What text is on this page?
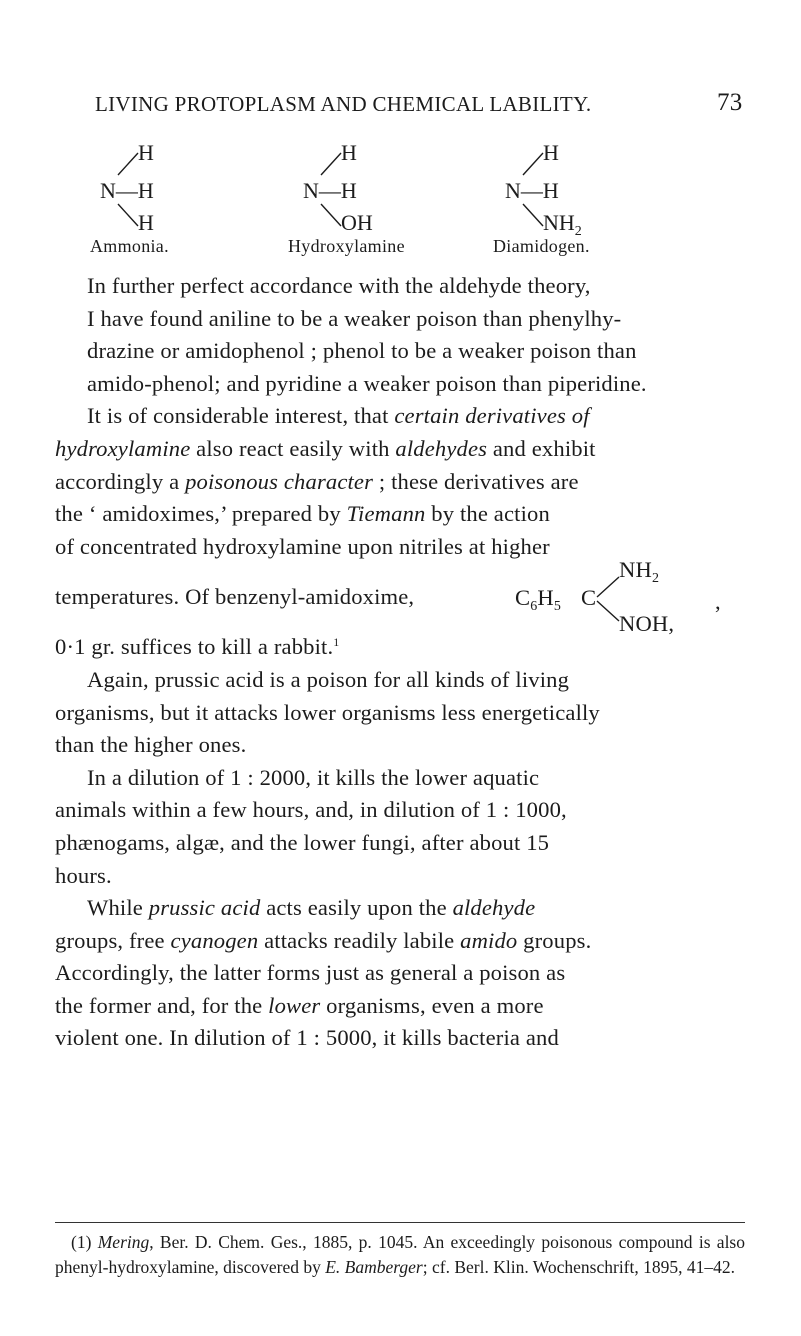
LIVING PROTOPLASM AND CHEMICAL LABILITY.	73
H
N—H
H
Ammonia.
H
N—H
OH
Hydroxylamine
H
N—H
$NH_2$
Diamidogen.

In further perfect accordance with the aldehyde theory,
I have found aniline to be a weaker poison than phenylhy-
drazine or amidophenol ; phenol to be a weaker poison than
amido-phenol; and pyridine a weaker poison than piperidine.

It is of considerable interest, that certain derivatives of
hydroxylamine also react easily with aldehydes and exhibit
accordingly a poisonous character ; these derivatives are
the ‘ amidoximes,’ prepared by Tiemann by the action
of concentrated hydroxylamine upon nitriles at higher

temperatures. Of benzenyl-amidoxime,	$C_6H_5$ C
$NH_2$
NOH,
,

0·1 gr. suffices to kill a rabbit.$^1$

Again, prussic acid is a poison for all kinds of living
organisms, but it attacks lower organisms less energetically
than the higher ones.

In a dilution of 1 : 2000, it kills the lower aquatic
animals within a few hours, and, in dilution of 1 : 1000,
phænogams, algæ, and the lower fungi, after about 15
hours.

While prussic acid acts easily upon the aldehyde
groups, free cyanogen attacks readily labile amido groups.
Accordingly, the latter forms just as general a poison as
the former and, for the lower organisms, even a more
violent one. In dilution of 1 : 5000, it kills bacteria and

(1) Mering, Ber. D. Chem. Ges., 1885, p. 1045. An exceedingly poisonous compound is also phenyl-hydroxylamine, discovered by E. Bamberger; cf. Berl. Klin. Wochenschrift, 1895, 41–42.
